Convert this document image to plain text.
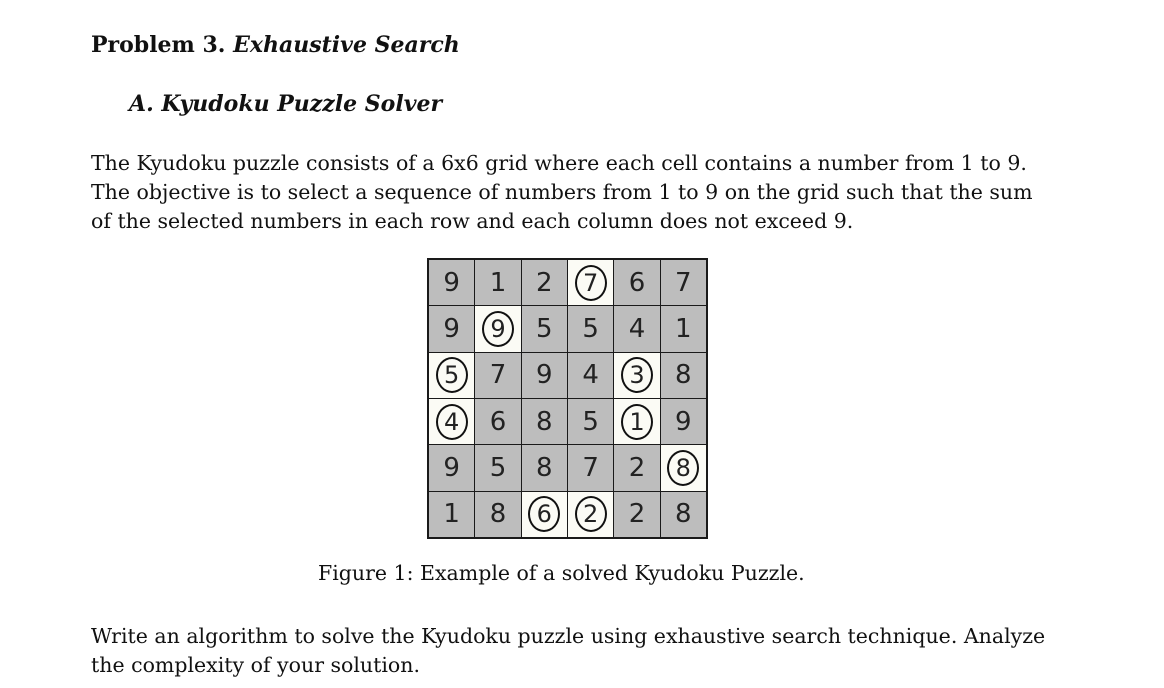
Problem 3. Exhaustive Search
A. Kyudoku Puzzle Solver
The Kyudoku puzzle consists of a 6x6 grid where each cell contains a number from 1 to 9.
The objective is to select a sequence of numbers from 1 to 9 on the grid such that the sum
of the selected numbers in each row and each column does not exceed 9.
9	1	2	7	6	7
9	9	5	5	4	1
5	7	9	4	3	8
4	6	8	5	1	9
9	5	8	7	2	8
1	8	6	2	2	8
Figure 1: Example of a solved Kyudoku Puzzle.
Write an algorithm to solve the Kyudoku puzzle using exhaustive search technique. Analyze
the complexity of your solution.
